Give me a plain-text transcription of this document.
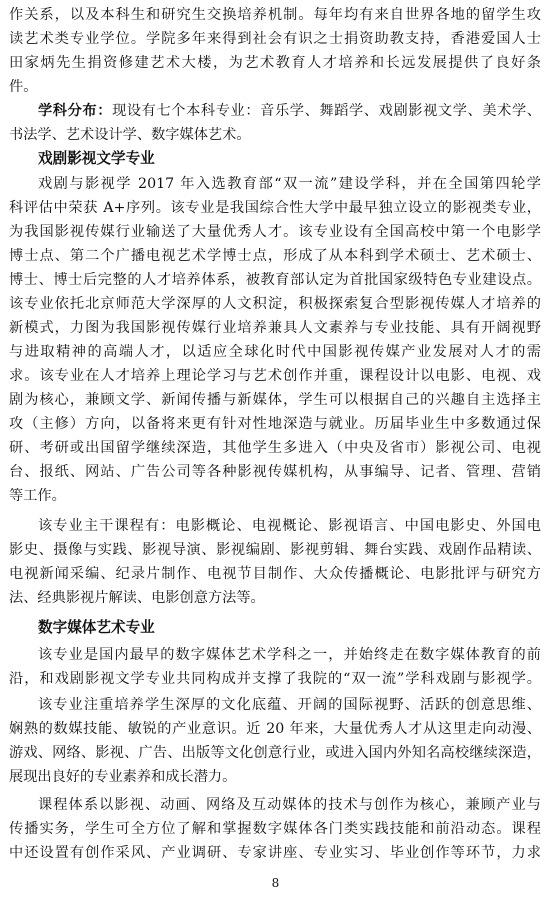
作关系，以及本科生和研究生交换培养机制。每年均有来自世界各地的留学生攻
读艺术类专业学位。学院多年来得到社会有识之士捐资助教支持，香港爱国人士
田家炳先生捐资修建艺术大楼，为艺术教育人才培养和长远发展提供了良好条
件。
学科分布：现设有七个本科专业：音乐学、舞蹈学、戏剧影视文学、美术学、
书法学、艺术设计学、数字媒体艺术。
戏剧影视文学专业
戏剧与影视学 2017 年入选教育部“双一流”建设学科，并在全国第四轮学
科评估中荣获 A+序列。该专业是我国综合性大学中最早独立设立的影视类专业，
为我国影视传媒行业输送了大量优秀人才。该专业设有全国高校中第一个电影学
博士点、第二个广播电视艺术学博士点，形成了从本科到学术硕士、艺术硕士、
博士、博士后完整的人才培养体系，被教育部认定为首批国家级特色专业建设点。
该专业依托北京师范大学深厚的人文积淀，积极探索复合型影视传媒人才培养的
新模式，力图为我国影视传媒行业培养兼具人文素养与专业技能、具有开阔视野
与进取精神的高端人才，以适应全球化时代中国影视传媒产业发展对人才的需
求。该专业在人才培养上理论学习与艺术创作并重，课程设计以电影、电视、戏
剧为核心，兼顾文学、新闻传播与新媒体，学生可以根据自己的兴趣自主选择主
攻（主修）方向，以备将来更有针对性地深造与就业。历届毕业生中多数通过保
研、考研或出国留学继续深造，其他学生多进入（中央及省市）影视公司、电视
台、报纸、网站、广告公司等各种影视传媒机构，从事编导、记者、管理、营销
等工作。
该专业主干课程有：电影概论、电视概论、影视语言、中国电影史、外国电
影史、摄像与实践、影视导演、影视编剧、影视剪辑、舞台实践、戏剧作品精读、
电视新闻采编、纪录片制作、电视节目制作、大众传播概论、电影批评与研究方
法、经典影视片解读、电影创意方法等。
数字媒体艺术专业
该专业是国内最早的数字媒体艺术学科之一，并始终走在数字媒体教育的前
沿，和戏剧影视文学专业共同构成并支撑了我院的“双一流”学科戏剧与影视学。
该专业注重培养学生深厚的文化底蕴、开阔的国际视野、活跃的创意思维、
娴熟的数媒技能、敏锐的产业意识。近 20 年来，大量优秀人才从这里走向动漫、
游戏、网络、影视、广告、出版等文化创意行业，或进入国内外知名高校继续深造，
展现出良好的专业素养和成长潜力。
课程体系以影视、动画、网络及互动媒体的技术与创作为核心，兼顾产业与
传播实务，学生可全方位了解和掌握数字媒体各门类实践技能和前沿动态。课程
中还设置有创作采风、产业调研、专家讲座、专业实习、毕业创作等环节，力求
8
